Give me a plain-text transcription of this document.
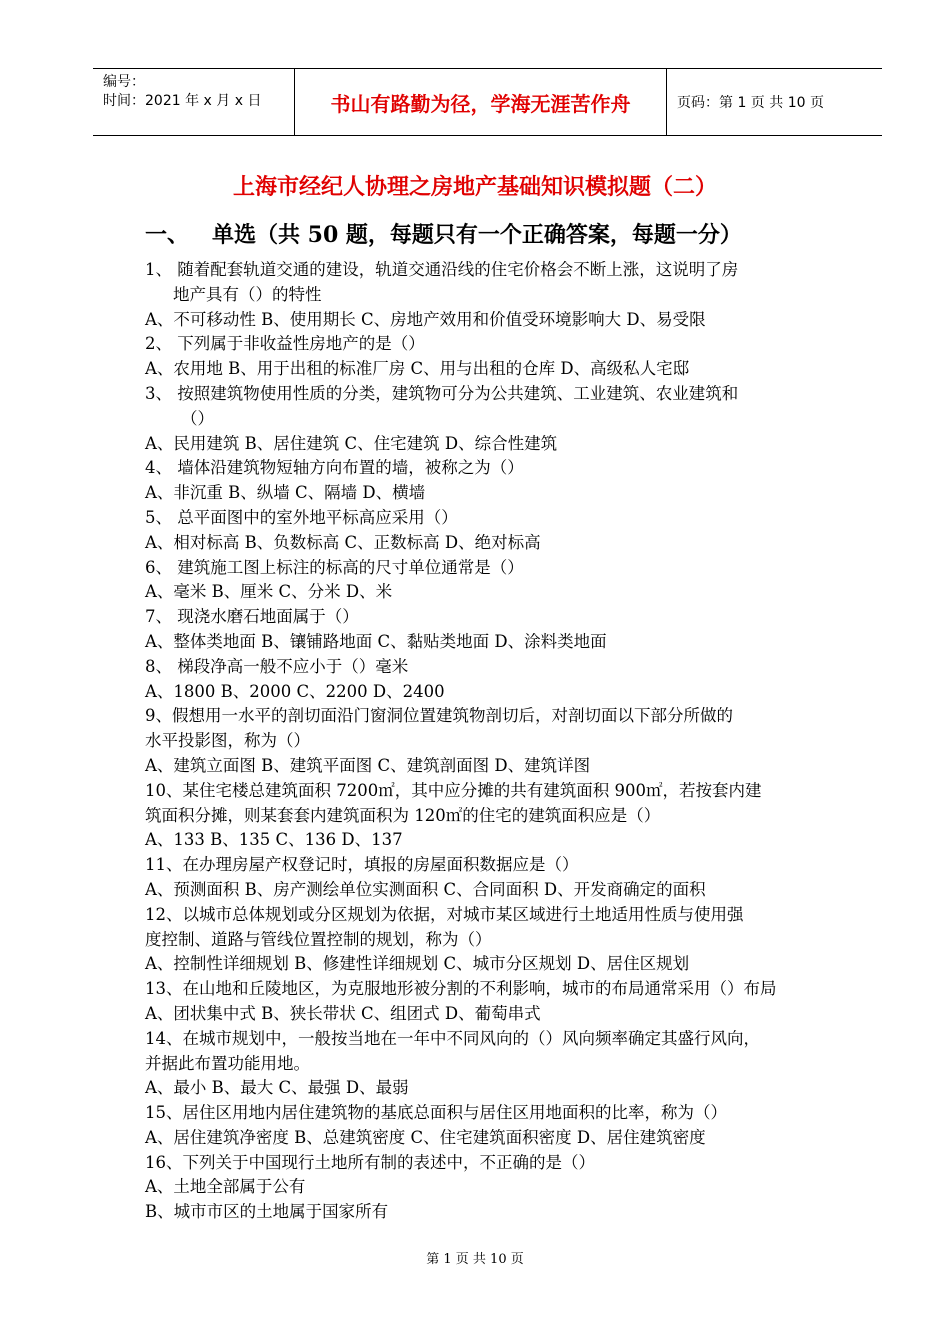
编号：
时间：2021 年 x 月 x 日	书山有路勤为径，学海无涯苦作舟	页码：第 1 页 共 10 页
上海市经纪人协理之房地产基础知识模拟题（二）
一、   单选（共 50 题，每题只有一个正确答案，每题一分）
1、 随着配套轨道交通的建设，轨道交通沿线的住宅价格会不断上涨，这说明了房
地产具有（）的特性
A、不可移动性 B、使用期长 C、房地产效用和价值受环境影响大 D、易受限
2、 下列属于非收益性房地产的是（）
A、农用地 B、用于出租的标准厂房 C、用与出租的仓库 D、高级私人宅邸
3、 按照建筑物使用性质的分类，建筑物可分为公共建筑、工业建筑、农业建筑和
（）
A、民用建筑 B、居住建筑 C、住宅建筑 D、综合性建筑
4、 墙体沿建筑物短轴方向布置的墙，被称之为（）
A、非沉重 B、纵墙 C、隔墙 D、横墙
5、 总平面图中的室外地平标高应采用（）
A、相对标高 B、负数标高 C、正数标高 D、绝对标高
6、 建筑施工图上标注的标高的尺寸单位通常是（）
A、毫米 B、厘米 C、分米 D、米
7、 现浇水磨石地面属于（）
A、整体类地面 B、镶铺路地面 C、黏贴类地面 D、涂料类地面
8、 梯段净高一般不应小于（）毫米
A、1800 B、2000 C、2200 D、2400
9、假想用一水平的剖切面沿门窗洞位置建筑物剖切后，对剖切面以下部分所做的
水平投影图，称为（）
A、建筑立面图 B、建筑平面图 C、建筑剖面图 D、建筑详图
10、某住宅楼总建筑面积 7200㎡，其中应分摊的共有建筑面积 900㎡，若按套内建
筑面积分摊，则某套套内建筑面积为 120㎡的住宅的建筑面积应是（）
A、133 B、135 C、136 D、137
11、在办理房屋产权登记时，填报的房屋面积数据应是（）
A、预测面积 B、房产测绘单位实测面积 C、合同面积 D、开发商确定的面积
12、以城市总体规划或分区规划为依据，对城市某区域进行土地适用性质与使用强
度控制、道路与管线位置控制的规划，称为（）
A、控制性详细规划 B、修建性详细规划 C、城市分区规划 D、居住区规划
13、在山地和丘陵地区，为克服地形被分割的不利影响，城市的布局通常采用（）布局
A、团状集中式 B、狭长带状 C、组团式 D、葡萄串式
14、在城市规划中，一般按当地在一年中不同风向的（）风向频率确定其盛行风向，
并据此布置功能用地。
A、最小 B、最大 C、最强 D、最弱
15、居住区用地内居住建筑物的基底总面积与居住区用地面积的比率，称为（）
A、居住建筑净密度 B、总建筑密度 C、住宅建筑面积密度 D、居住建筑密度
16、下列关于中国现行土地所有制的表述中，不正确的是（）
A、土地全部属于公有
B、城市市区的土地属于国家所有
第 1 页 共 10 页
